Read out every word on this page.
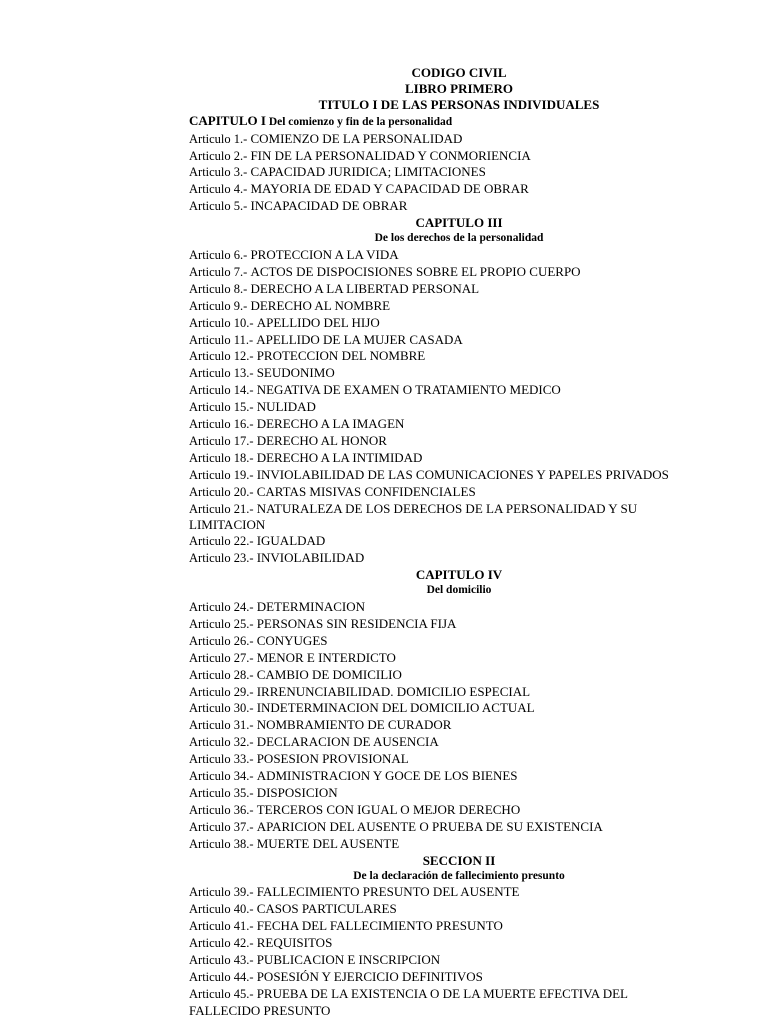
CODIGO CIVIL

LIBRO PRIMERO

TITULO I DE LAS PERSONAS INDIVIDUALES

CAPITULO I Del comienzo y fin de la personalidad

Articulo 1.- COMIENZO DE LA PERSONALIDAD

Articulo 2.- FIN DE LA PERSONALIDAD Y CONMORIENCIA

Articulo 3.- CAPACIDAD JURIDICA; LIMITACIONES

Articulo 4.- MAYORIA DE EDAD Y CAPACIDAD DE OBRAR

Articulo 5.- INCAPACIDAD DE OBRAR

CAPITULO III

De los derechos de la personalidad

Articulo 6.- PROTECCION A LA VIDA

Articulo 7.- ACTOS DE DISPOCISIONES SOBRE EL PROPIO CUERPO

Articulo 8.- DERECHO A LA LIBERTAD PERSONAL

Articulo 9.- DERECHO AL NOMBRE

Articulo 10.- APELLIDO DEL HIJO

Articulo 11.- APELLIDO DE LA MUJER CASADA

Articulo 12.- PROTECCION DEL NOMBRE

Articulo 13.- SEUDONIMO

Articulo 14.- NEGATIVA DE EXAMEN O TRATAMIENTO MEDICO

Articulo 15.- NULIDAD

Articulo 16.- DERECHO A LA IMAGEN

Articulo 17.- DERECHO AL HONOR

Articulo 18.- DERECHO A LA INTIMIDAD

Articulo 19.- INVIOLABILIDAD DE LAS COMUNICACIONES Y PAPELES PRIVADOS

Articulo 20.- CARTAS MISIVAS CONFIDENCIALES

Articulo 21.- NATURALEZA DE LOS DERECHOS DE LA PERSONALIDAD Y SU

LIMITACION

Articulo 22.- IGUALDAD

Articulo 23.- INVIOLABILIDAD

CAPITULO IV

Del domicilio

Articulo 24.- DETERMINACION

Articulo 25.- PERSONAS SIN RESIDENCIA FIJA

Articulo 26.- CONYUGES

Articulo 27.- MENOR E INTERDICTO

Articulo 28.- CAMBIO DE DOMICILIO

Articulo 29.- IRRENUNCIABILIDAD. DOMICILIO ESPECIAL

Articulo 30.- INDETERMINACION DEL DOMICILIO ACTUAL

Articulo 31.- NOMBRAMIENTO DE CURADOR

Articulo 32.- DECLARACION DE AUSENCIA

Articulo 33.- POSESION PROVISIONAL

Articulo 34.- ADMINISTRACION Y GOCE DE LOS BIENES

Articulo 35.- DISPOSICION

Articulo 36.- TERCEROS CON IGUAL O MEJOR DERECHO

Articulo 37.- APARICION DEL AUSENTE O PRUEBA DE SU EXISTENCIA

Articulo 38.- MUERTE DEL AUSENTE

SECCION II

De la declaración de fallecimiento presunto

Articulo 39.- FALLECIMIENTO PRESUNTO DEL AUSENTE

Articulo 40.- CASOS PARTICULARES

Articulo 41.- FECHA DEL FALLECIMIENTO PRESUNTO

Articulo 42.- REQUISITOS

Articulo 43.- PUBLICACION E INSCRIPCION

Articulo 44.- POSESIÓN Y EJERCICIO DEFINITIVOS

Articulo 45.- PRUEBA DE LA EXISTENCIA O DE LA MUERTE EFECTIVA DEL

FALLECIDO PRESUNTO
